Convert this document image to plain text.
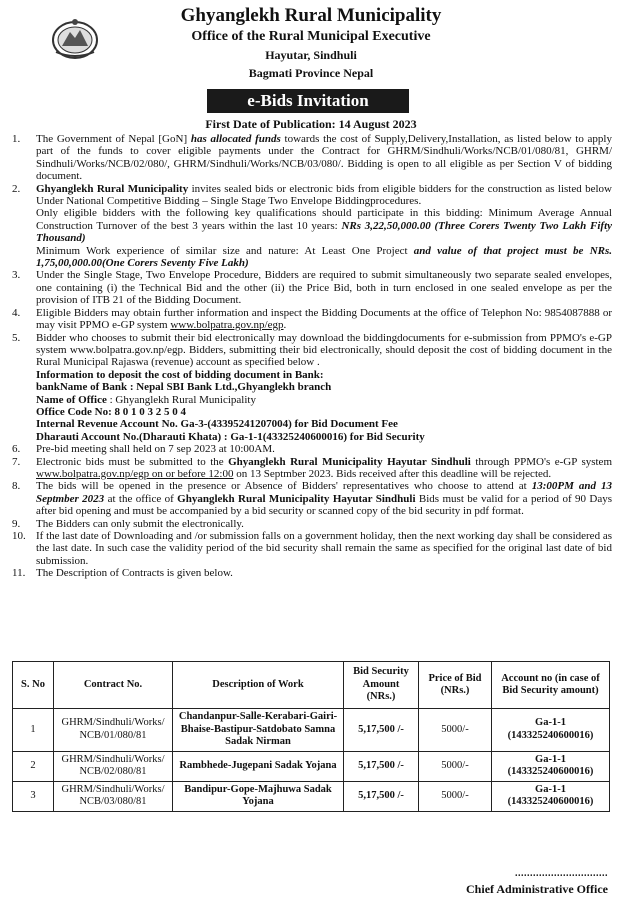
Ghyanglekh Rural Municipality
Office of the Rural Municipal Executive
Hayutar, Sindhuli
Bagmati Province Nepal
e-Bids Invitation
First Date of Publication: 14 August 2023
1. The Government of Nepal [GoN] has allocated funds towards the cost of Supply,Delivery,Installation, as listed below to apply part of the funds to cover eligible payments under the Contract for GHRM/Sindhuli/Works/NCB/01/080/81, GHRM/ Sindhuli/Works/NCB/02/080/, GHRM/Sindhuli/Works/NCB/03/080/. Bidding is open to all eligible as per Section V of bidding document.
2. Ghyanglekh Rural Municipality invites sealed bids or electronic bids from eligible bidders for the construction as listed below Under National Competitive Bidding – Single Stage Two Envelope Biddingprocedures.
Only eligible bidders with the following key qualifications should participate in this bidding: Minimum Average Annual Construction Turnover of the best 3 years within the last 10 years: NRs 3,22,50,000.00 (Three Corers Twenty Two Lakh Fifty Thousand)
Minimum Work experience of similar size and nature: At Least One Project and value of that project must be NRs. 1,75,00,000.00(One Corers Seventy Five Lakh)
3. Under the Single Stage, Two Envelope Procedure, Bidders are required to submit simultaneously two separate sealed envelopes, one containing (i) the Technical Bid and the other (ii) the Price Bid, both in turn enclosed in one sealed envelope as per the provision of ITB 21 of the Bidding Document.
4. Eligible Bidders may obtain further information and inspect the Bidding Documents at the office of Telephon No: 9854087888 or may visit PPMO e-GP system www.bolpatra.gov.np/egp.
5. Bidder who chooses to submit their bid electronically may download the biddingdocuments for e-submission from PPMO's e-GP system www.bolpatra.gov.np/egp. Bidders, submitting their bid electronically, should deposit the cost of bidding document in the Rural Municipal Rajaswa (revenue) account as specified below .
Information to deposit the cost of bidding document in Bank:
bankName of Bank : Nepal SBI Bank Ltd.,Ghyanglekh branch
Name of Office : Ghyanglekh Rural Municipality
Office Code No: 8 0 1 0 3 2 5 0 4
Internal Revenue Account No. Ga-3-(43395241207004) for Bid Document Fee
Dharauti Account No.(Dharauti Khata) : Ga-1-1(43325240600016) for Bid Security
6. Pre-bid meeting shall held on 7 sep 2023 at 10:00AM.
7. Electronic bids must be submitted to the Ghyanglekh Rural Municipality Hayutar Sindhuli through PPMO's e-GP system www.bolpatra.gov.np/egp on or before 12:00 on 13 Septmber 2023. Bids received after this deadline will be rejected.
8. The bids will be opened in the presence or Absence of Bidders' representatives who choose to attend at 13:00PM and 13 Septmber 2023 at the office of Ghyanglekh Rural Municipality Hayutar Sindhuli Bids must be valid for a period of 90 Days after bid opening and must be accompanied by a bid security or scanned copy of the bid security in pdf format.
9. The Bidders can only submit the electronically.
10. If the last date of Downloading and /or submission falls on a government holiday, then the next working day shall be considered as the last date. In such case the validity period of the bid security shall remain the same as specified for the original last date of bid submission.
11. The Description of Contracts is given below.
S. No	Contract No.	Description of Work	Bid Security Amount (NRs.)	Price of Bid (NRs.)	Account no (in case of Bid Security amount)
1	GHRM/Sindhuli/Works/ NCB/01/080/81	Chandanpur-Salle-Kerabari-Gairi-Bhaise-Bastipur-Satdobato Samna Sadak Nirman	5,17,500 /-	5000/-	Ga-1-1 (143325240600016)
2	GHRM/Sindhuli/Works/ NCB/02/080/81	Rambhede-Jugepani Sadak Yojana	5,17,500 /-	5000/-	Ga-1-1 (143325240600016)
3	GHRM/Sindhuli/Works/ NCB/03/080/81	Bandipur-Gope-Majhuwa Sadak Yojana	5,17,500 /-	5000/-	Ga-1-1 (143325240600016)
...............................
Chief Administrative Office
